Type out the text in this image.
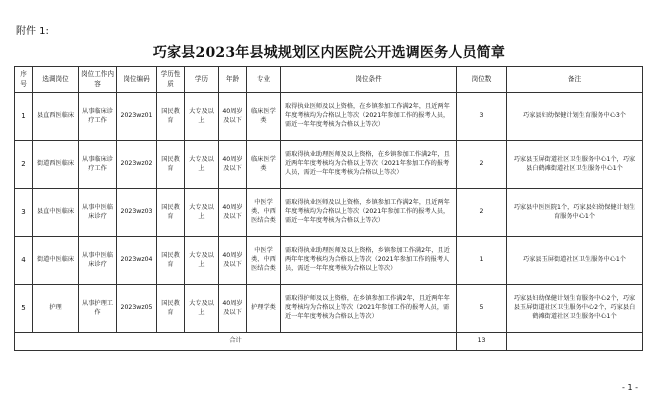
附件 1:
巧家县2023年县城规划区内医院公开选调医务人员简章
序号	选调岗位	岗位工作内容	岗位编码	学历性质	学历	年龄	专业	岗位条件	岗位数	备注
1	县直西医临床	从事临床诊疗工作	2023wz01	国民教育	大专及以上	40周岁及以下	临床医学类	取得执业医师及以上资格，在乡镇参加工作满2年，且近两年年度考核均为合格以上等次（2021年参加工作的报考人员，需近一年年度考核为合格以上等次）	3	巧家县妇幼保健计划生育服务中心3个
2	街道西医临床	从事临床诊疗工作	2023wz02	国民教育	大专及以上	40周岁及以下	临床医学类	需取得执业助理医师及以上资格，在乡镇参加工作满2年，且近两年年度考核均为合格以上等次（2021年参加工作的报考人员，需近一年年度考核为合格以上等次）	2	巧家县玉屏街道社区卫生服务中心1个，巧家县白鹤滩街道社区卫生服务中心1个
3	县直中医临床	从事中医临床诊疗	2023wz03	国民教育	大专及以上	40周岁及以下	中医学类、中西医结合类	需取得执业医师及以上资格，乡镇参加工作满2年，且近两年年度考核均为合格以上等次（2021年参加工作的报考人员，需近一年年度考核为合格以上等次）	2	巧家县中医医院1个，巧家县妇幼保健计划生育服务中心1个
4	街道中医临床	从事中医临床诊疗	2023wz04	国民教育	大专及以上	40周岁及以下	中医学类、中西医结合类	需取得执业助理医师及以上资格，乡镇参加工作满2年，且近两年年度考核均为合格以上等次（2021年参加工作的报考人员，需近一年年度考核为合格以上等次）	1	巧家县玉屏街道社区卫生服务中心1个
5	护理	从事护理工作	2023wz05	国民教育	大专及以上	40周岁及以下	护理学类	需取得护师及以上资格，在乡镇参加工作满2年，且近两年年度考核均为合格以上等次（2021年参加工作的报考人员，需近一年年度考核为合格以上等次）	5	巧家县妇幼保健计划生育服务中心2个，巧家县玉屏街道社区卫生服务中心2个，巧家县白鹤滩街道社区卫生服务中心1个
合计									13	
- 1 -
